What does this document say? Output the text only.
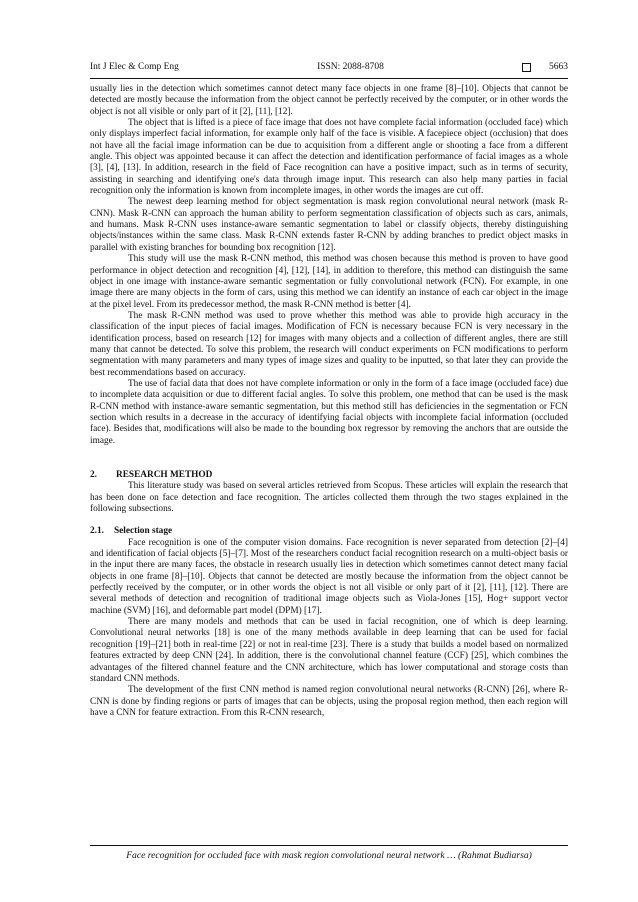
Int J Elec & Comp Eng	ISSN: 2088-8708	5663

usually lies in the detection which sometimes cannot detect many face objects in one frame [8]–[10]. Objects that cannot be detected are mostly because the information from the object cannot be perfectly received by the computer, or in other words the object is not all visible or only part of it [2], [11], [12].

The object that is lifted is a piece of face image that does not have complete facial information (occluded face) which only displays imperfect facial information, for example only half of the face is visible. A facepiece object (occlusion) that does not have all the facial image information can be due to acquisition from a different angle or shooting a face from a different angle. This object was appointed because it can affect the detection and identification performance of facial images as a whole [3], [4], [13]. In addition, research in the field of Face recognition can have a positive impact, such as in terms of security, assisting in searching and identifying one's data through image input. This research can also help many parties in facial recognition only the information is known from incomplete images, in other words the images are cut off.

The newest deep learning method for object segmentation is mask region convolutional neural network (mask R-CNN). Mask R-CNN can approach the human ability to perform segmentation classification of objects such as cars, animals, and humans. Mask R-CNN uses instance-aware semantic segmentation to label or classify objects, thereby distinguishing objects/instances within the same class. Mask R-CNN extends faster R-CNN by adding branches to predict object masks in parallel with existing branches for bounding box recognition [12].

This study will use the mask R-CNN method, this method was chosen because this method is proven to have good performance in object detection and recognition [4], [12], [14], in addition to therefore, this method can distinguish the same object in one image with instance-aware semantic segmentation or fully convolutional network (FCN). For example, in one image there are many objects in the form of cars, using this method we can identify an instance of each car object in the image at the pixel level. From its predecessor method, the mask R-CNN method is better [4].

The mask R-CNN method was used to prove whether this method was able to provide high accuracy in the classification of the input pieces of facial images. Modification of FCN is necessary because FCN is very necessary in the identification process, based on research [12] for images with many objects and a collection of different angles, there are still many that cannot be detected. To solve this problem, the research will conduct experiments on FCN modifications to perform segmentation with many parameters and many types of image sizes and quality to be inputted, so that later they can provide the best recommendations based on accuracy.

The use of facial data that does not have complete information or only in the form of a face image (occluded face) due to incomplete data acquisition or due to different facial angles. To solve this problem, one method that can be used is the mask R-CNN method with instance-aware semantic segmentation, but this method still has deficiencies in the segmentation or FCN section which results in a decrease in the accuracy of identifying facial objects with incomplete facial information (occluded face). Besides that, modifications will also be made to the bounding box regressor by removing the anchors that are outside the image.

2. RESEARCH METHOD

This literature study was based on several articles retrieved from Scopus. These articles will explain the research that has been done on face detection and face recognition. The articles collected them through the two stages explained in the following subsections.

2.1. Selection stage

Face recognition is one of the computer vision domains. Face recognition is never separated from detection [2]–[4] and identification of facial objects [5]–[7]. Most of the researchers conduct facial recognition research on a multi-object basis or in the input there are many faces, the obstacle in research usually lies in detection which sometimes cannot detect many facial objects in one frame [8]–[10]. Objects that cannot be detected are mostly because the information from the object cannot be perfectly received by the computer, or in other words the object is not all visible or only part of it [2], [11], [12]. There are several methods of detection and recognition of traditional image objects such as Viola-Jones [15], Hog+ support vector machine (SVM) [16], and deformable part model (DPM) [17].

There are many models and methods that can be used in facial recognition, one of which is deep learning. Convolutional neural networks [18] is one of the many methods available in deep learning that can be used for facial recognition [19]–[21] both in real-time [22] or not in real-time [23]. There is a study that builds a model based on normalized features extracted by deep CNN [24]. In addition, there is the convolutional channel feature (CCF) [25], which combines the advantages of the filtered channel feature and the CNN architecture, which has lower computational and storage costs than standard CNN methods.

The development of the first CNN method is named region convolutional neural networks (R-CNN) [26], where R-CNN is done by finding regions or parts of images that can be objects, using the proposal region method, then each region will have a CNN for feature extraction. From this R-CNN research,

Face recognition for occluded face with mask region convolutional neural network … (Rahmat Budiarsa)
